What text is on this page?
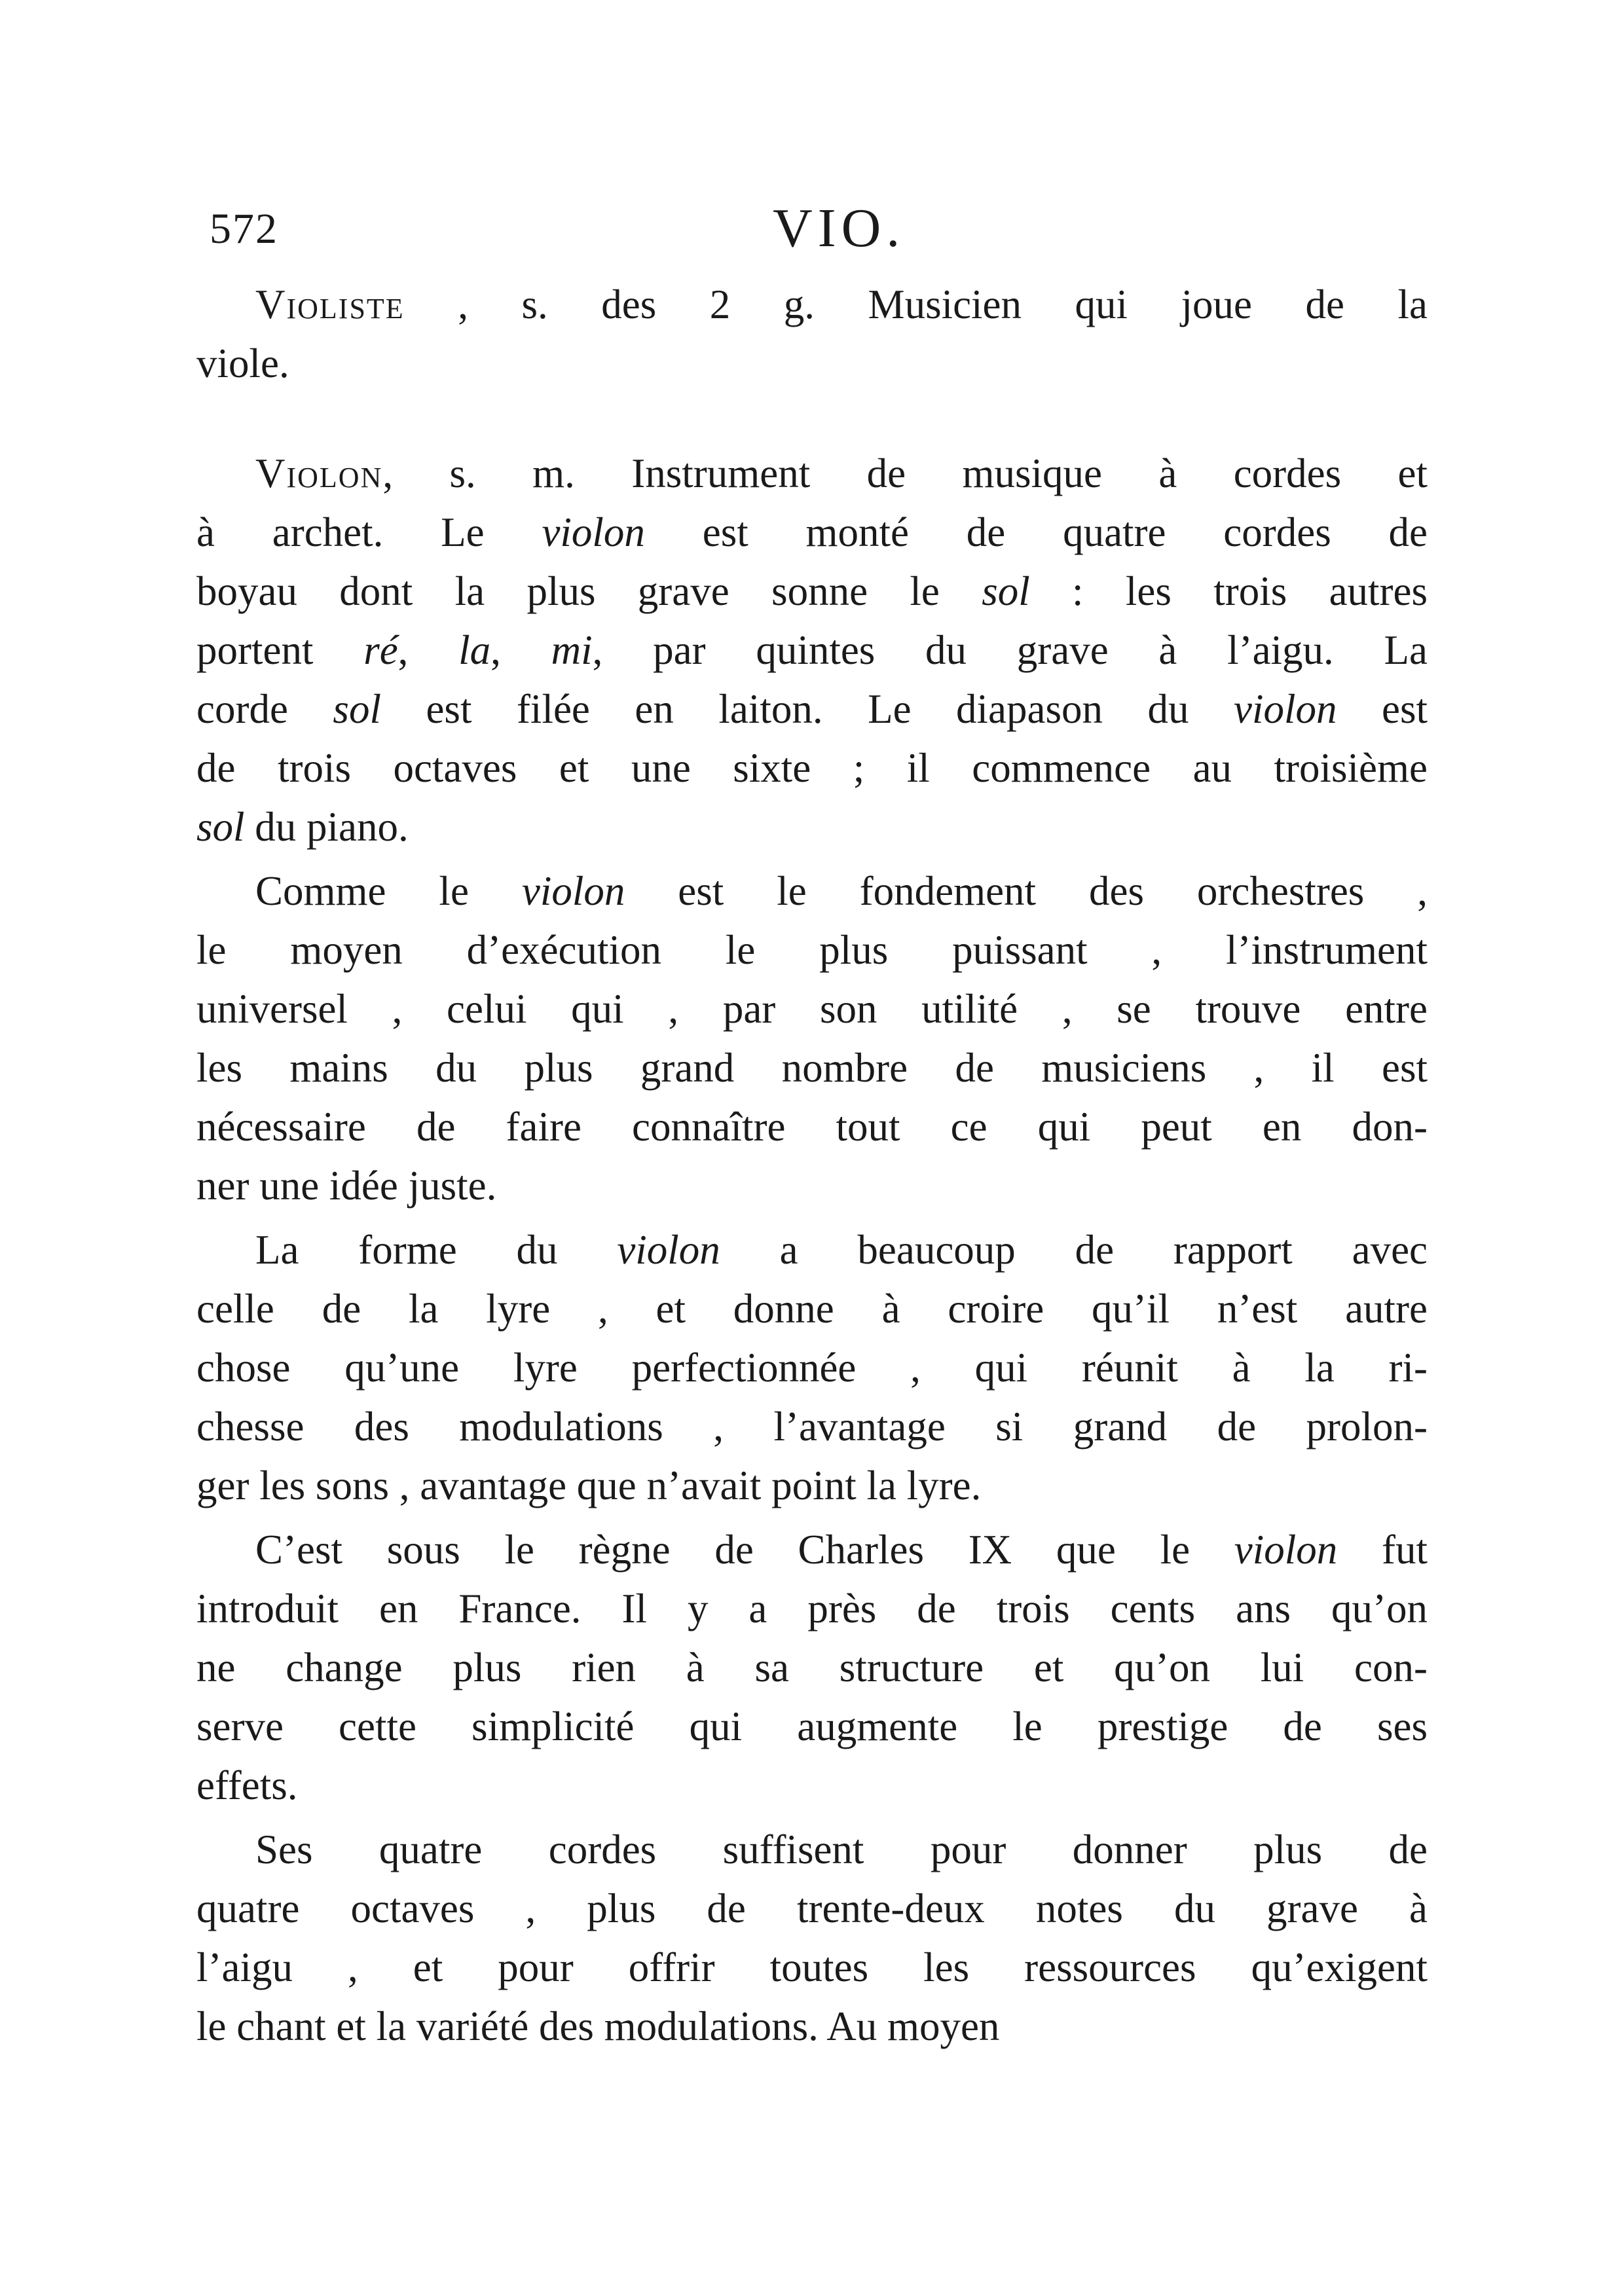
572	VIO.
Violiste , s. des 2 g. Musicien qui joue de la
viole.
Violon, s. m. Instrument de musique à cordes et
à archet. Le violon est monté de quatre cordes de
boyau dont la plus grave sonne le sol : les trois autres
portent ré, la, mi, par quintes du grave à l’aigu. La
corde sol est filée en laiton. Le diapason du violon est
de trois octaves et une sixte ; il commence au troisième
sol du piano.
Comme le violon est le fondement des orchestres ,
le moyen d’exécution le plus puissant , l’instrument
universel , celui qui , par son utilité , se trouve entre
les mains du plus grand nombre de musiciens , il est
nécessaire de faire connaître tout ce qui peut en don-
ner une idée juste.
La forme du violon a beaucoup de rapport avec
celle de la lyre , et donne à croire qu’il n’est autre
chose qu’une lyre perfectionnée , qui réunit à la ri-
chesse des modulations , l’avantage si grand de prolon-
ger les sons , avantage que n’avait point la lyre.
C’est sous le règne de Charles IX que le violon fut
introduit en France. Il y a près de trois cents ans qu’on
ne change plus rien à sa structure et qu’on lui con-
serve cette simplicité qui augmente le prestige de ses
effets.
Ses quatre cordes suffisent pour donner plus de
quatre octaves , plus de trente-deux notes du grave à
l’aigu , et pour offrir toutes les ressources qu’exigent
le chant et la variété des modulations. Au moyen
